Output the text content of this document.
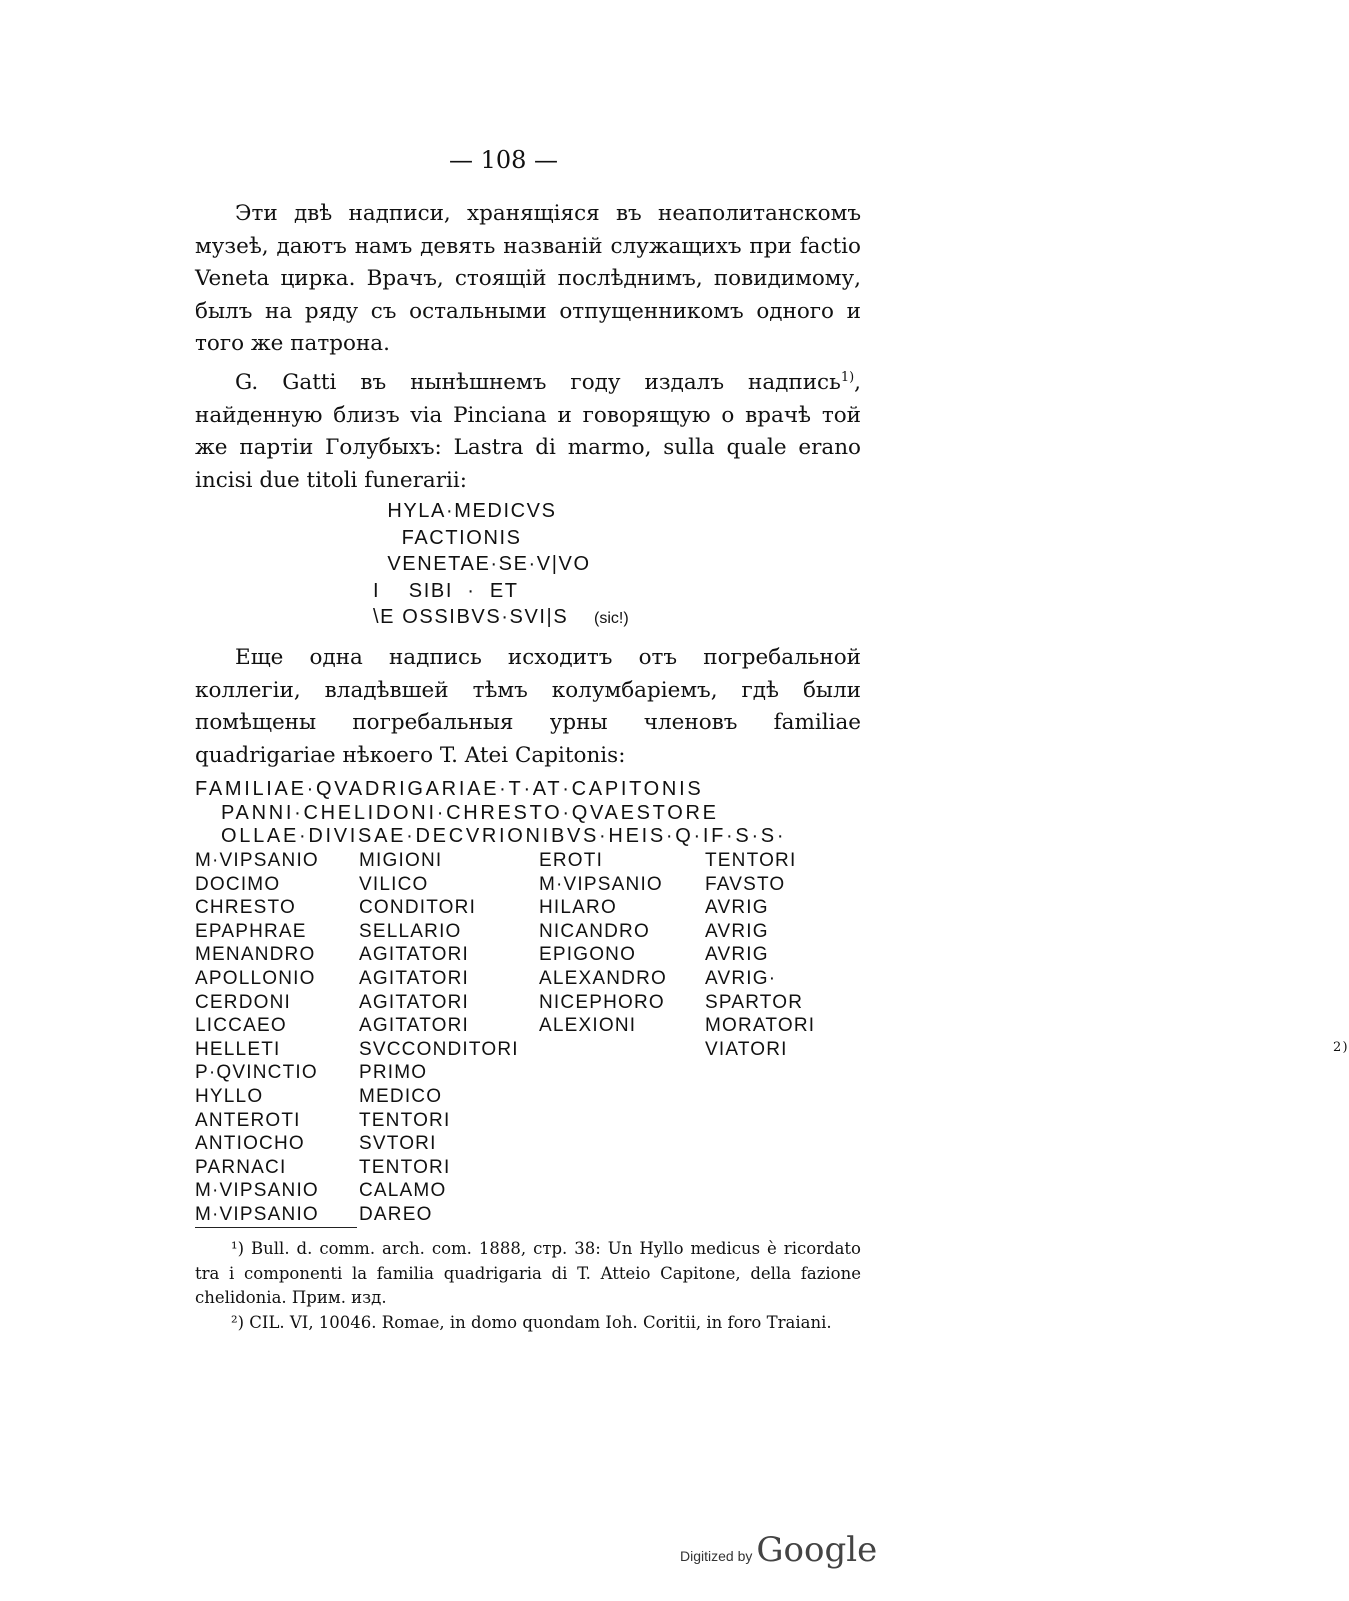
— 108 —

Эти двѣ надписи, хранящіяся въ неаполитанскомъ музеѣ, даютъ намъ девять названій служащихъ при factio Veneta цирка. Врачъ, стоящій послѣднимъ, повидимому, былъ на ряду съ остальными отпущенникомъ одного и того же патрона.

G. Gatti въ нынѣшнемъ году издалъ надпись$^{1)}$, найденную близъ via Pinciana и говорящую о врачѣ той же партіи Голубыхъ: Lastra di marmo, sulla quale erano incisi due titoli funerarii:

HYLA·MEDICVS
FACTIONIS
VENETAE·SE·V|VO
I    SIBI  ·  ET
\E OSSIBVS·SVI|S (sic!)

Еще одна надпись исходитъ отъ погребальной коллегіи, владѣвшей тѣмъ колумбаріемъ, гдѣ были помѣщены погребальныя урны членовъ familiae quadrigariae нѣкоего T. Atei Capitonis:

FAMILIAE·QVADRIGARIAE·T·AT·CAPITONIS
PANNI·CHELIDONI·CHRESTO·QVAESTORE
OLLAE·DIVISAE·DECVRIONIBVS·HEIS·Q·IF·S·S·
M·VIPSANIO
DOCIMO
CHRESTO
EPAPHRAE
MENANDRO
APOLLONIO
CERDONI
LICCAEO
HELLETI
P·QVINCTIO
HYLLO
ANTEROTI
ANTIOCHO
PARNACI
M·VIPSANIO
M·VIPSANIO
MIGIONI
VILICO
CONDITORI
SELLARIO
AGITATORI
AGITATORI
AGITATORI
AGITATORI
SVCCONDITORI
PRIMO
MEDICO
TENTORI
SVTORI
TENTORI
CALAMO
DAREO
EROTI
M·VIPSANIO
HILARO
NICANDRO
EPIGONO
ALEXANDRO
NICEPHORO
ALEXIONI
TENTORI
FAVSTO
AVRIG
AVRIG
AVRIG
AVRIG·
SPARTOR
MORATORI
VIATORI	2)

¹) Bull. d. comm. arch. com. 1888, стр. 38: Un Hyllo medicus è ricordato tra i componenti la familia quadrigaria di T. Atteio Capitone, della fazione chelidonia. Прим. изд.

²) CIL. VI, 10046. Romae, in domo quondam Ioh. Coritii, in foro Traiani.

Digitized by Google
